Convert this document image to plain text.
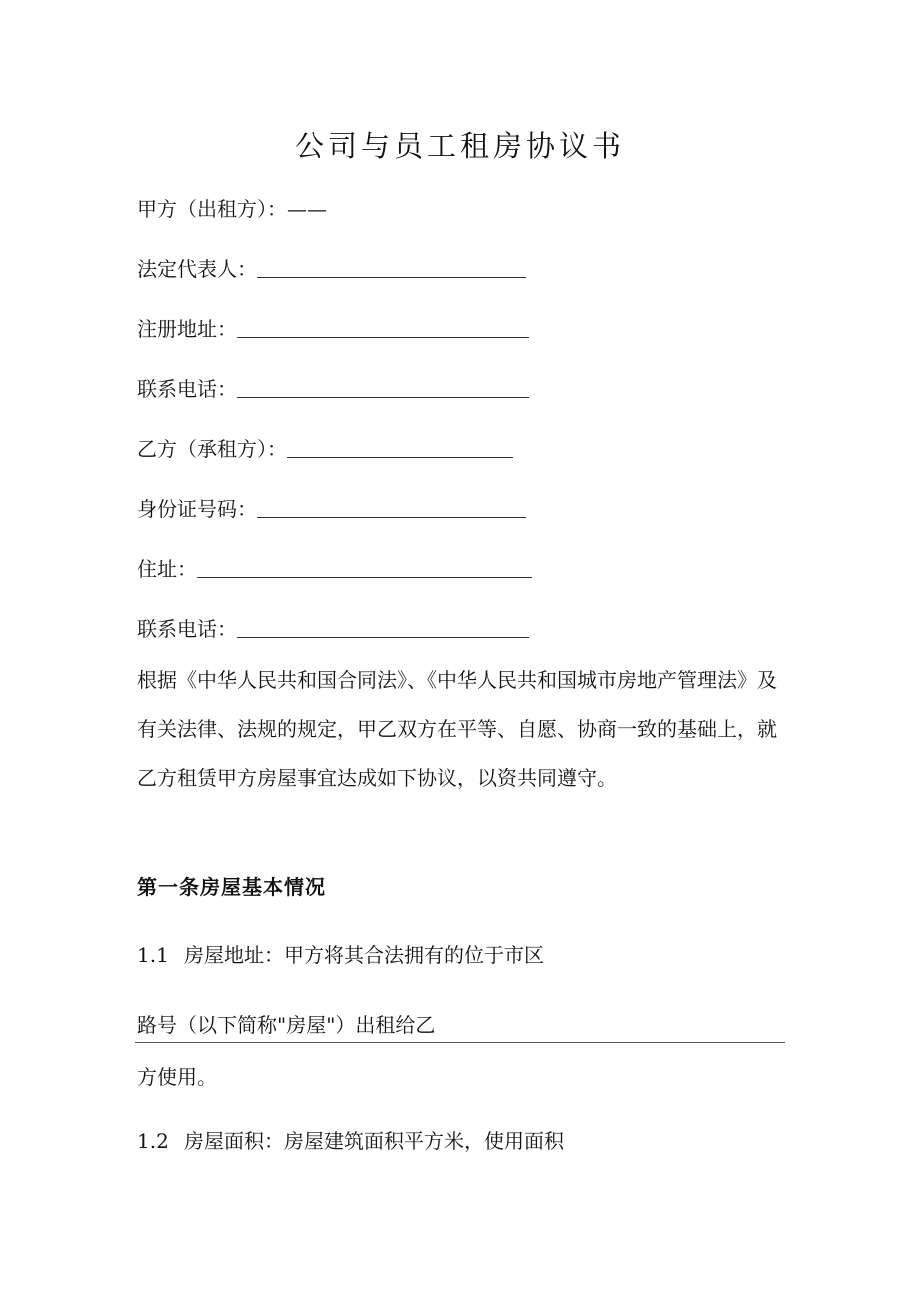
公司与员工租房协议书
甲方（出租方）：——
法定代表人：
注册地址：
联系电话：
乙方（承租方）：
身份证号码：
住址：
联系电话：

根据《中华人民共和国合同法》、《中华人民共和国城市房地产管理法》及有关法律、法规的规定，甲乙双方在平等、自愿、协商一致的基础上，就乙方租赁甲方房屋事宜达成如下协议，以资共同遵守。

第一条房屋基本情况

1.1 房屋地址：甲方将其合法拥有的位于市区

路号（以下简称"房屋"）出租给乙

方使用。

1.2 房屋面积：房屋建筑面积平方米，使用面积
